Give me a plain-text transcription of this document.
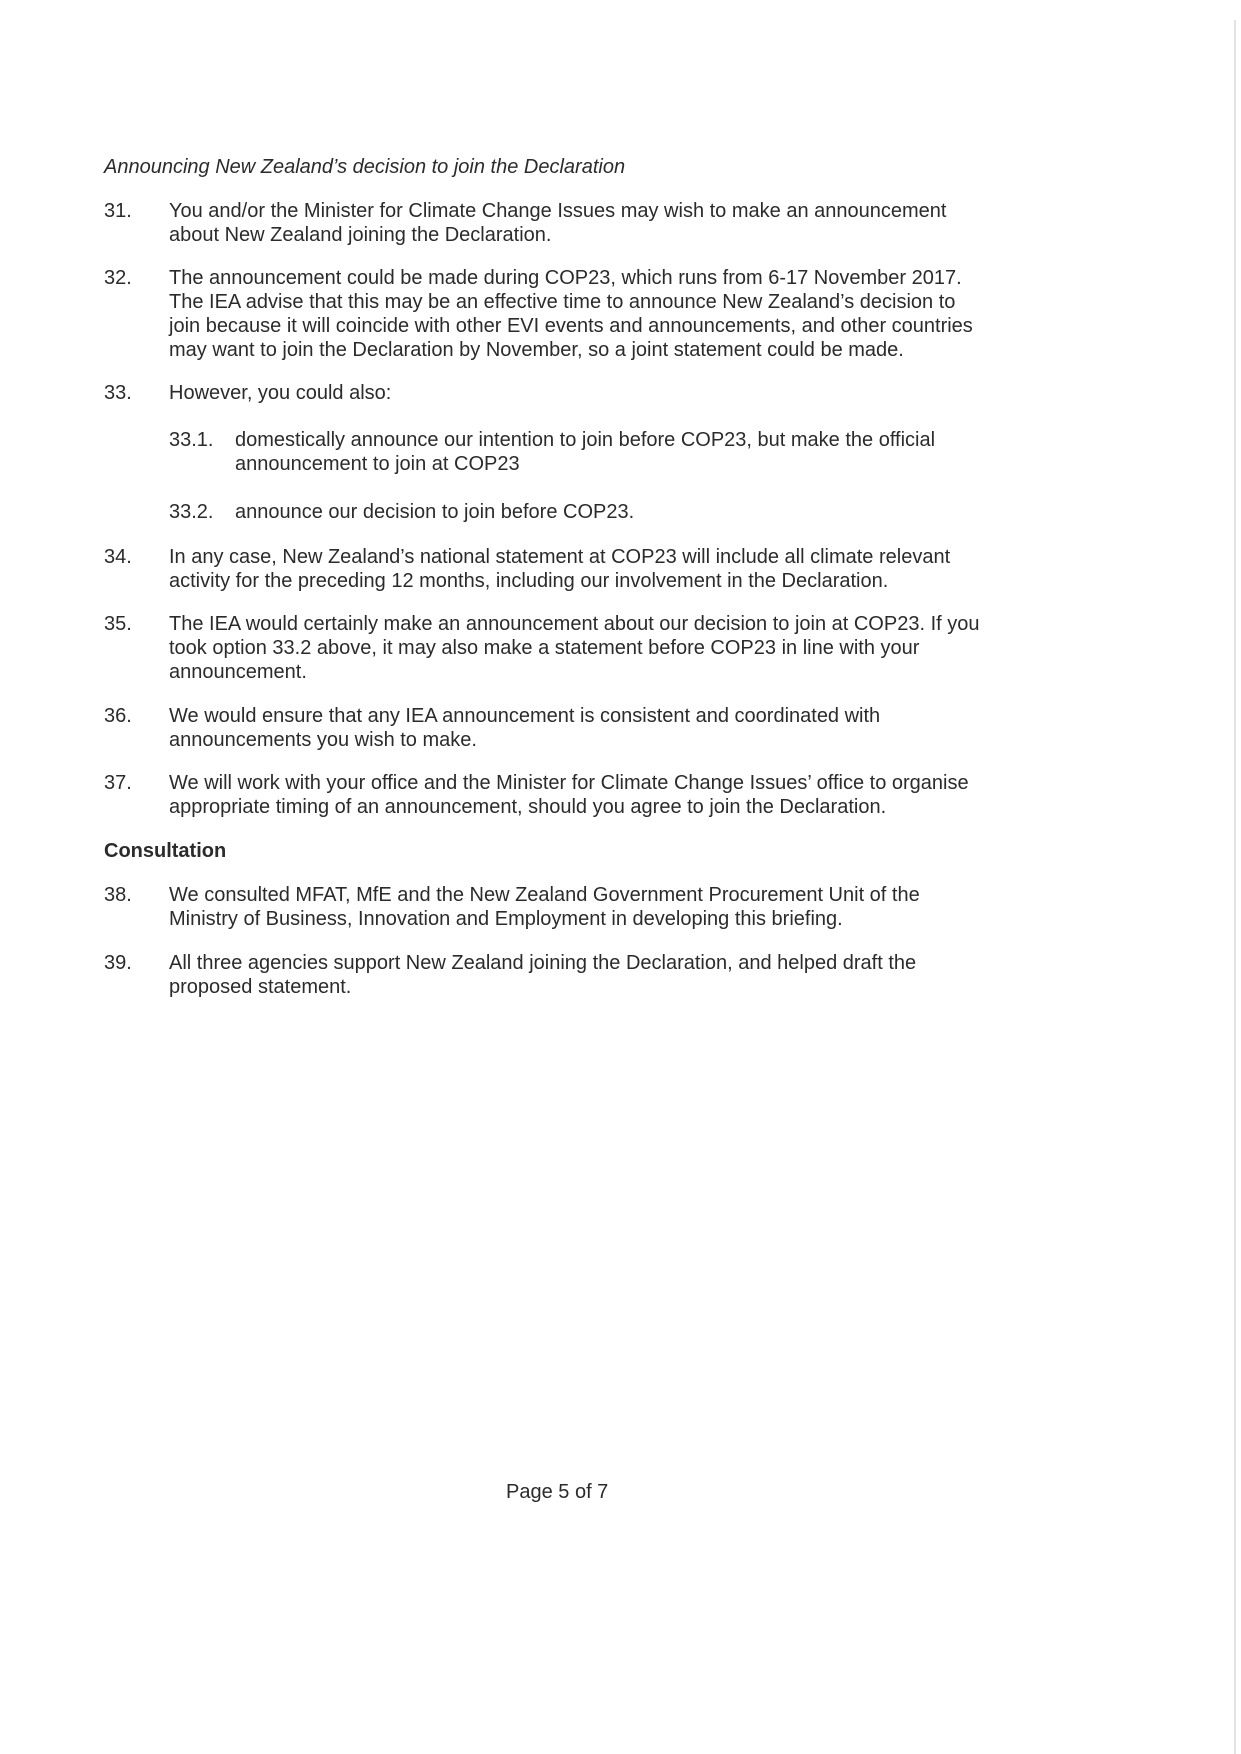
Announcing New Zealand’s decision to join the Declaration
31. You and/or the Minister for Climate Change Issues may wish to make an announcement
about New Zealand joining the Declaration.
32. The announcement could be made during COP23, which runs from 6-17 November 2017.
The IEA advise that this may be an effective time to announce New Zealand’s decision to
join because it will coincide with other EVI events and announcements, and other countries
may want to join the Declaration by November, so a joint statement could be made.
33. However, you could also:
33.1. domestically announce our intention to join before COP23, but make the official
announcement to join at COP23
33.2. announce our decision to join before COP23.
34. In any case, New Zealand’s national statement at COP23 will include all climate relevant
activity for the preceding 12 months, including our involvement in the Declaration.
35. The IEA would certainly make an announcement about our decision to join at COP23. If you
took option 33.2 above, it may also make a statement before COP23 in line with your
announcement.
36. We would ensure that any IEA announcement is consistent and coordinated with
announcements you wish to make.
37. We will work with your office and the Minister for Climate Change Issues’ office to organise
appropriate timing of an announcement, should you agree to join the Declaration.
38. We consulted MFAT, MfE and the New Zealand Government Procurement Unit of the
Ministry of Business, Innovation and Employment in developing this briefing.
39. All three agencies support New Zealand joining the Declaration, and helped draft the
proposed statement.
Consultation
Page 5 of 7
